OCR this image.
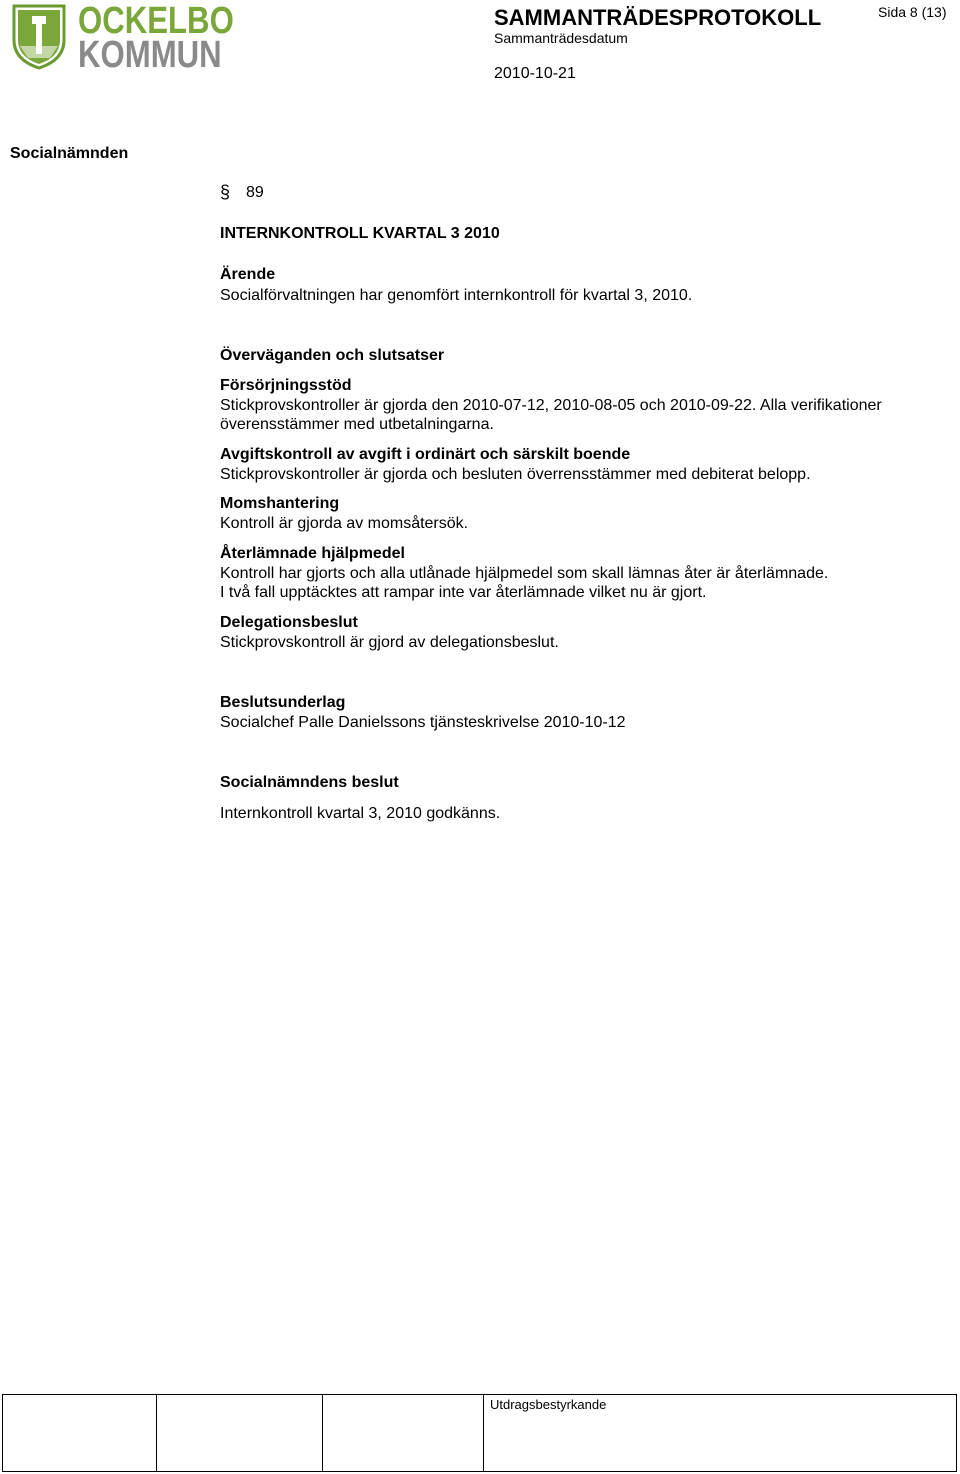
OCKELBO
KOMMUN
SAMMANTRÄDESPROTOKOLL	Sida 8 (13)
Sammanträdesdatum
2010-10-21
Socialnämnden
§ 89
INTERNKONTROLL KVARTAL 3 2010
Ärende
Socialförvaltningen har genomfört internkontroll för kvartal 3, 2010.
Överväganden och slutsatser
Försörjningsstöd
Stickprovskontroller är gjorda den 2010-07-12, 2010-08-05 och 2010-09-22. Alla verifikationer
överensstämmer med utbetalningarna.
Avgiftskontroll av avgift i ordinärt och särskilt boende
Stickprovskontroller är gjorda och besluten överrensstämmer med debiterat belopp.
Momshantering
Kontroll är gjorda av momsåtersök.
Återlämnade hjälpmedel
Kontroll har gjorts och alla utlånade hjälpmedel som skall lämnas åter är återlämnade.
I två fall upptäcktes att rampar inte var återlämnade vilket nu är gjort.
Delegationsbeslut
Stickprovskontroll är gjord av delegationsbeslut.
Beslutsunderlag
Socialchef Palle Danielssons tjänsteskrivelse 2010-10-12
Socialnämndens beslut
Internkontroll kvartal 3, 2010 godkänns.
			Utdragsbestyrkande
